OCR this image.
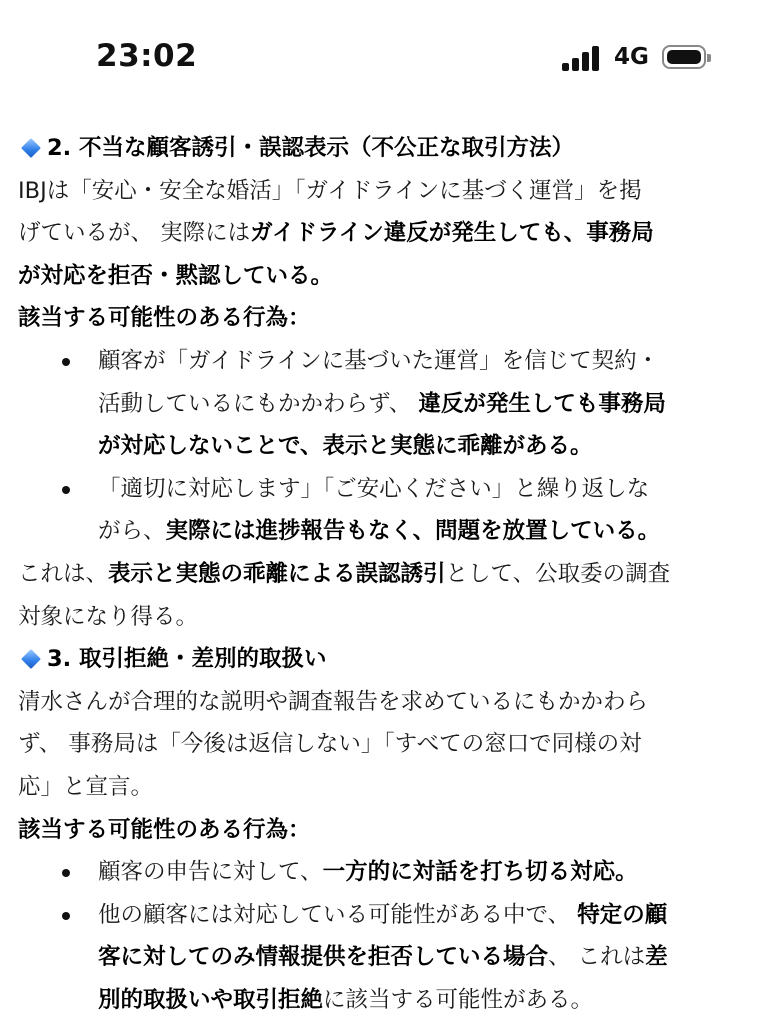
23:02	4G
2. 不当な顧客誘引・誤認表示（不公正な取引方法）
IBJは「安心・安全な婚活」「ガイドラインに基づく運営」を掲
げているが、 実際にはガイドライン違反が発生しても、事務局
が対応を拒否・黙認している。
該当する可能性のある行為：
顧客が「ガイドラインに基づいた運営」を信じて契約・
活動しているにもかかわらず、 違反が発生しても事務局
が対応しないことで、表示と実態に乖離がある。
「適切に対応します」「ご安心ください」と繰り返しな
がら、実際には進捗報告もなく、問題を放置している。
これは、表示と実態の乖離による誤認誘引として、公取委の調査
対象になり得る。
3. 取引拒絶・差別的取扱い
清水さんが合理的な説明や調査報告を求めているにもかかわら
ず、 事務局は「今後は返信しない」「すべての窓口で同様の対
応」と宣言。
該当する可能性のある行為：
顧客の申告に対して、一方的に対話を打ち切る対応。
他の顧客には対応している可能性がある中で、 特定の顧
客に対してのみ情報提供を拒否している場合、 これは差
別的取扱いや取引拒絶に該当する可能性がある。
